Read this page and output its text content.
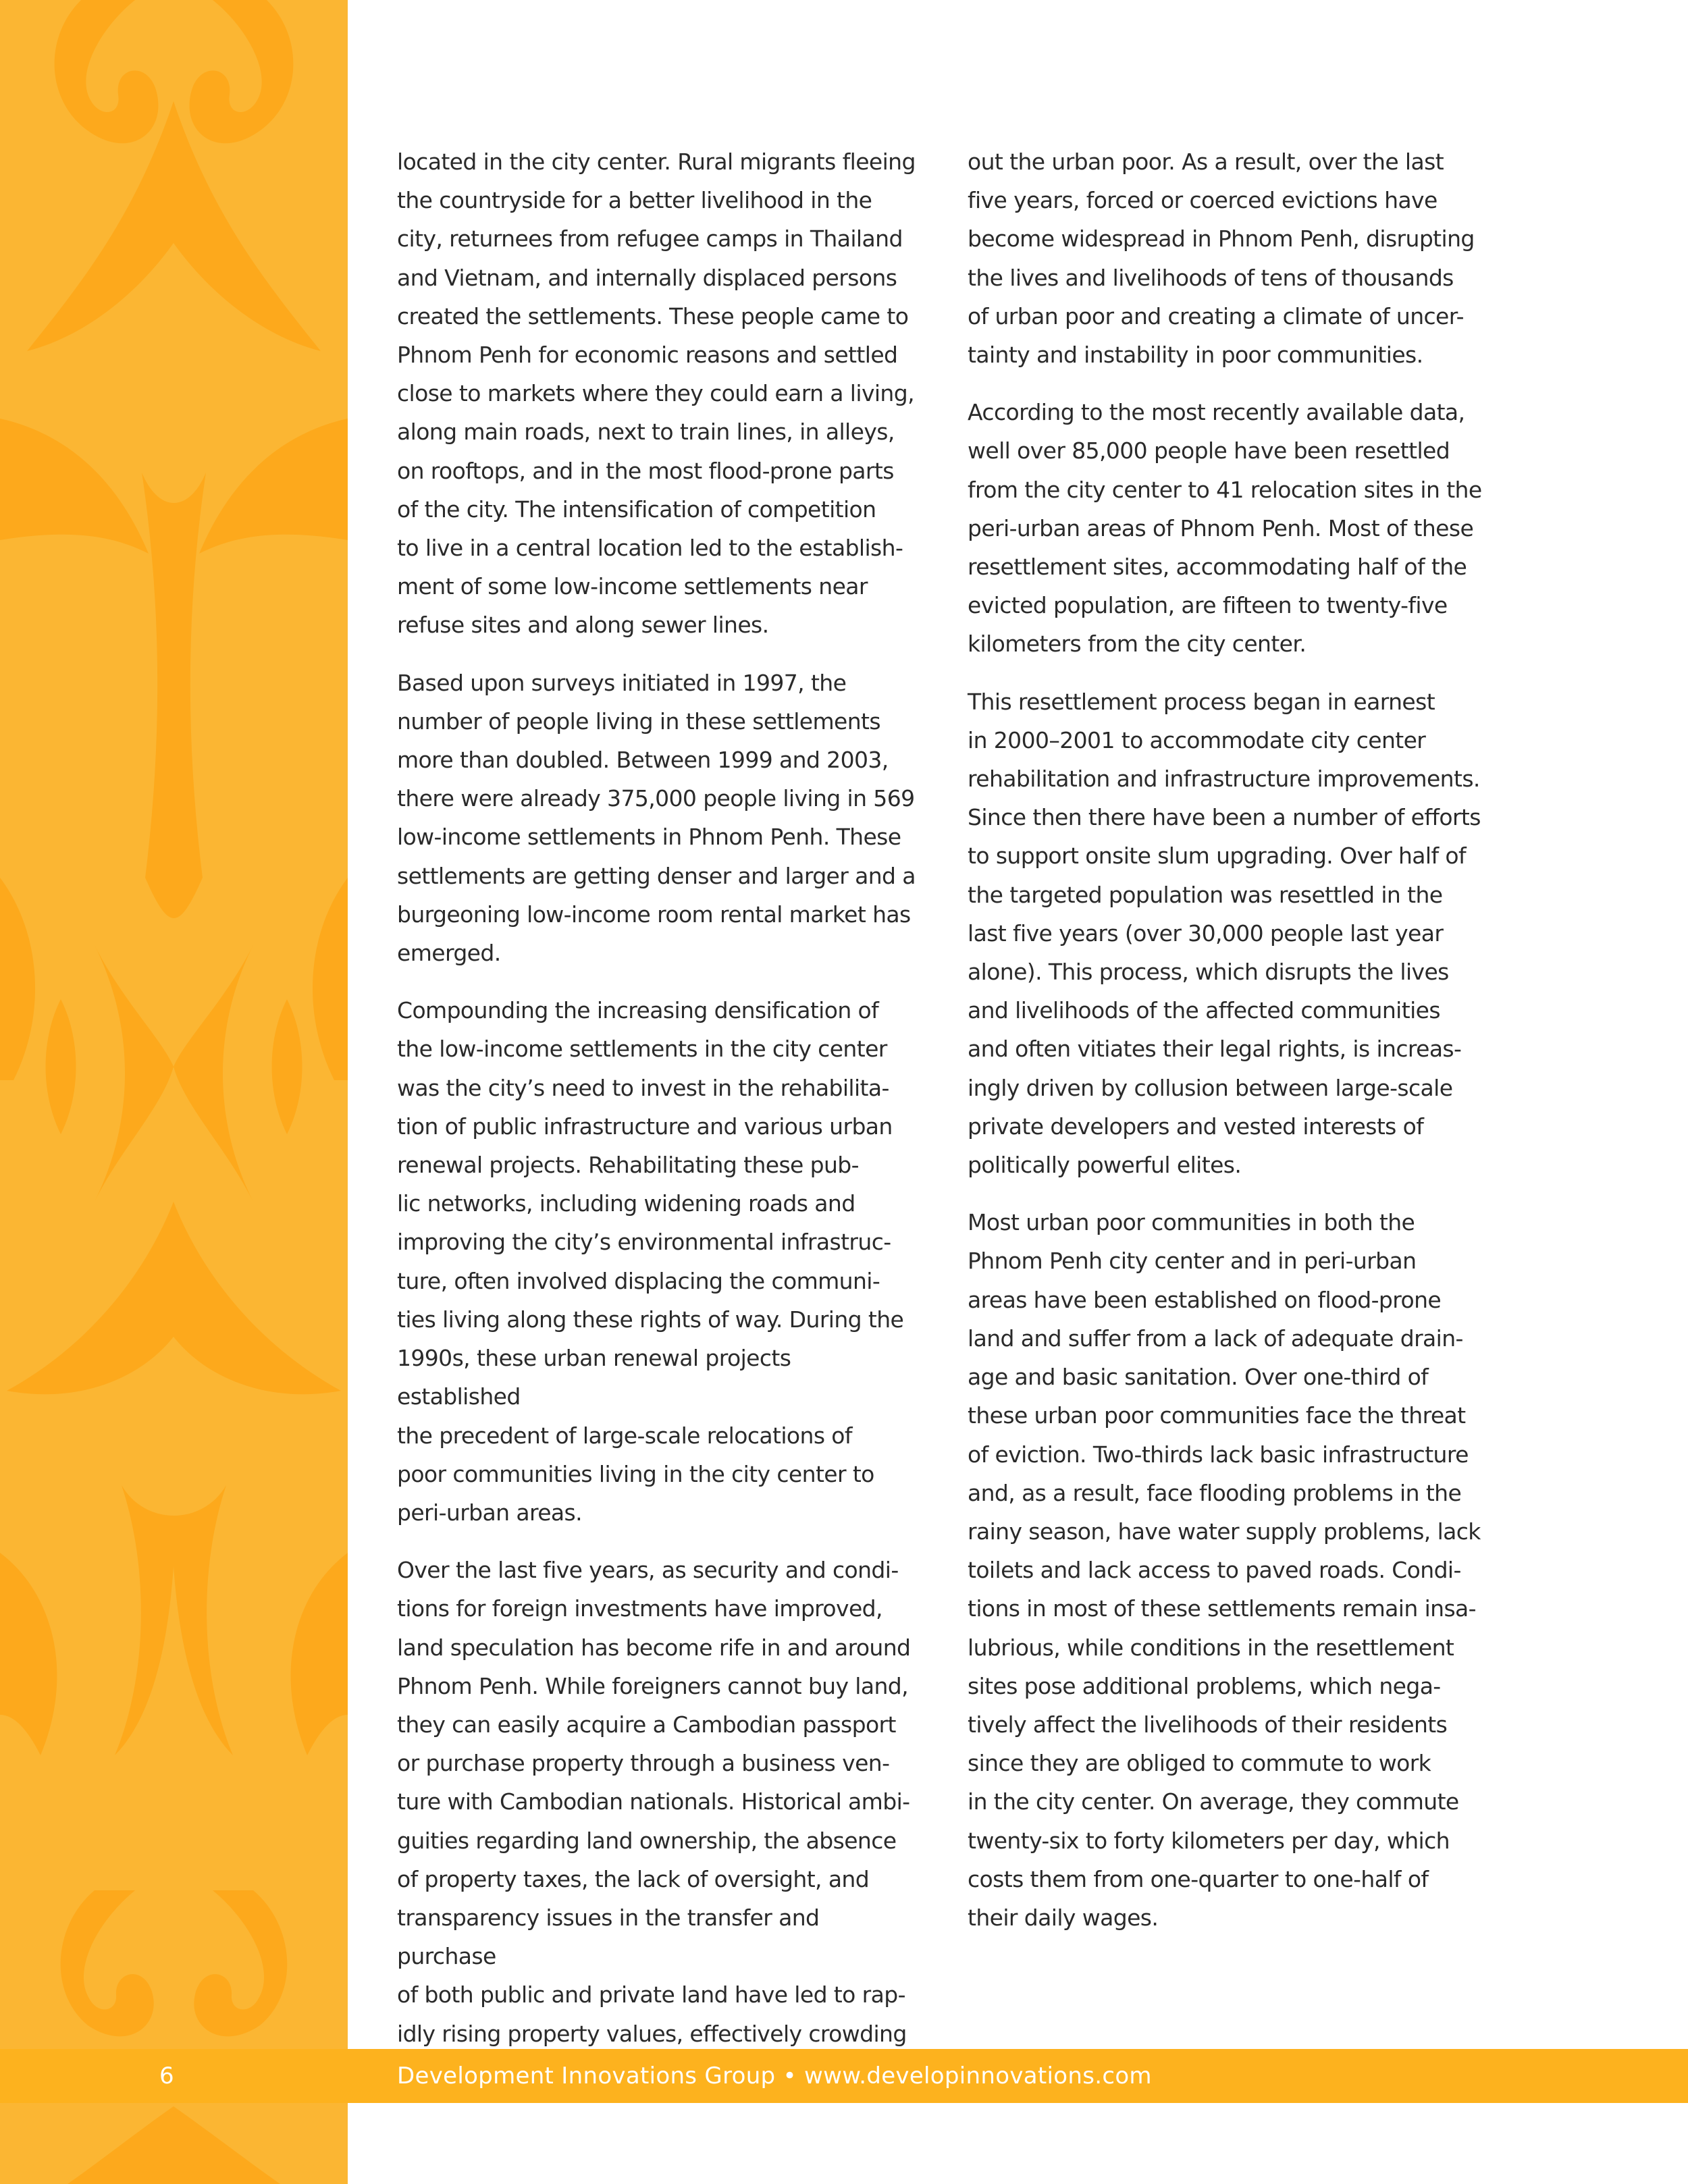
located in the city center. Rural migrants fleeing
the countryside for a better livelihood in the
city, returnees from refugee camps in Thailand
and Vietnam, and internally displaced persons
created the settlements. These people came to
Phnom Penh for economic reasons and settled
close to markets where they could earn a living,
along main roads, next to train lines, in alleys,
on rooftops, and in the most flood-prone parts
of the city. The intensification of competition
to live in a central location led to the establish-
ment of some low-income settlements near
refuse sites and along sewer lines.

Based upon surveys initiated in 1997, the
number of people living in these settlements
more than doubled. Between 1999 and 2003,
there were already 375,000 people living in 569
low-income settlements in Phnom Penh. These
settlements are getting denser and larger and a
burgeoning low-income room rental market has
emerged.

Compounding the increasing densification of
the low-income settlements in the city center
was the city’s need to invest in the rehabilita-
tion of public infrastructure and various urban
renewal projects. Rehabilitating these pub-
lic networks, including widening roads and
improving the city’s environmental infrastruc-
ture, often involved displacing the communi-
ties living along these rights of way. During the
1990s, these urban renewal projects established
the precedent of large-scale relocations of
poor communities living in the city center to
peri-urban areas.

Over the last five years, as security and condi-
tions for foreign investments have improved,
land speculation has become rife in and around
Phnom Penh. While foreigners cannot buy land,
they can easily acquire a Cambodian passport
or purchase property through a business ven-
ture with Cambodian nationals. Historical ambi-
guities regarding land ownership, the absence
of property taxes, the lack of oversight, and
transparency issues in the transfer and purchase
of both public and private land have led to rap-
idly rising property values, effectively crowding

out the urban poor. As a result, over the last
five years, forced or coerced evictions have
become widespread in Phnom Penh, disrupting
the lives and livelihoods of tens of thousands
of urban poor and creating a climate of uncer-
tainty and instability in poor communities.

According to the most recently available data,
well over 85,000 people have been resettled
from the city center to 41 relocation sites in the
peri-urban areas of Phnom Penh. Most of these
resettlement sites, accommodating half of the
evicted population, are fifteen to twenty-five
kilometers from the city center.

This resettlement process began in earnest
in 2000–2001 to accommodate city center
rehabilitation and infrastructure improvements.
Since then there have been a number of efforts
to support onsite slum upgrading. Over half of
the targeted population was resettled in the
last five years (over 30,000 people last year
alone). This process, which disrupts the lives
and livelihoods of the affected communities
and often vitiates their legal rights, is increas-
ingly driven by collusion between large-scale
private developers and vested interests of
politically powerful elites.

Most urban poor communities in both the
Phnom Penh city center and in peri-urban
areas have been established on flood-prone
land and suffer from a lack of adequate drain-
age and basic sanitation. Over one-third of
these urban poor communities face the threat
of eviction. Two-thirds lack basic infrastructure
and, as a result, face flooding problems in the
rainy season, have water supply problems, lack
toilets and lack access to paved roads. Condi-
tions in most of these settlements remain insa-
lubrious, while conditions in the resettlement
sites pose additional problems, which nega-
tively affect the livelihoods of their residents
since they are obliged to commute to work
in the city center. On average, they commute
twenty-six to forty kilometers per day, which
costs them from one-quarter to one-half of
their daily wages.

6	Development Innovations Group • www.developinnovations.com
